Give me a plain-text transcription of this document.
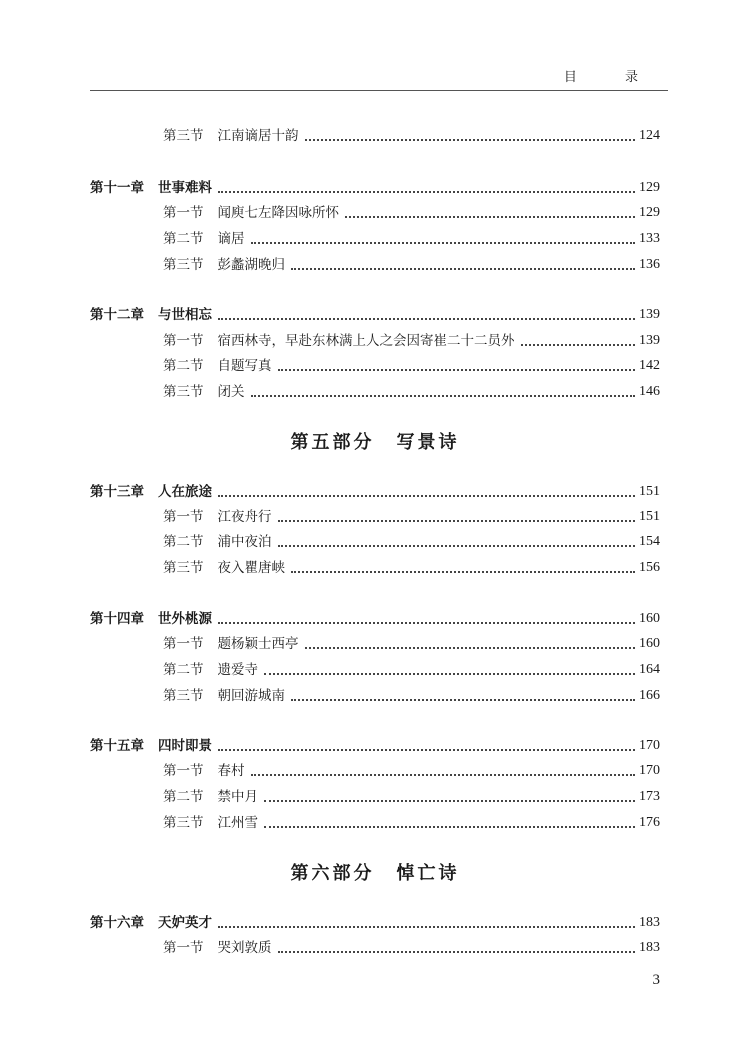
目 录
第三节 江南谪居十韵	124
第十一章 世事难料	129
第一节 闻庾七左降因咏所怀	129
第二节 谪居	133
第三节 彭蠡湖晚归	136
第十二章 与世相忘	139
第一节 宿西林寺，早赴东林满上人之会因寄崔二十二员外	139
第二节 自题写真	142
第三节 闭关	146
第五部分 写景诗
第十三章 人在旅途	151
第一节 江夜舟行	151
第二节 浦中夜泊	154
第三节 夜入瞿唐峡	156
第十四章 世外桃源	160
第一节 题杨颖士西亭	160
第二节 遗爱寺	164
第三节 朝回游城南	166
第十五章 四时即景	170
第一节 春村	170
第二节 禁中月	173
第三节 江州雪	176
第六部分 悼亡诗
第十六章 天妒英才	183
第一节 哭刘敦质	183
3
